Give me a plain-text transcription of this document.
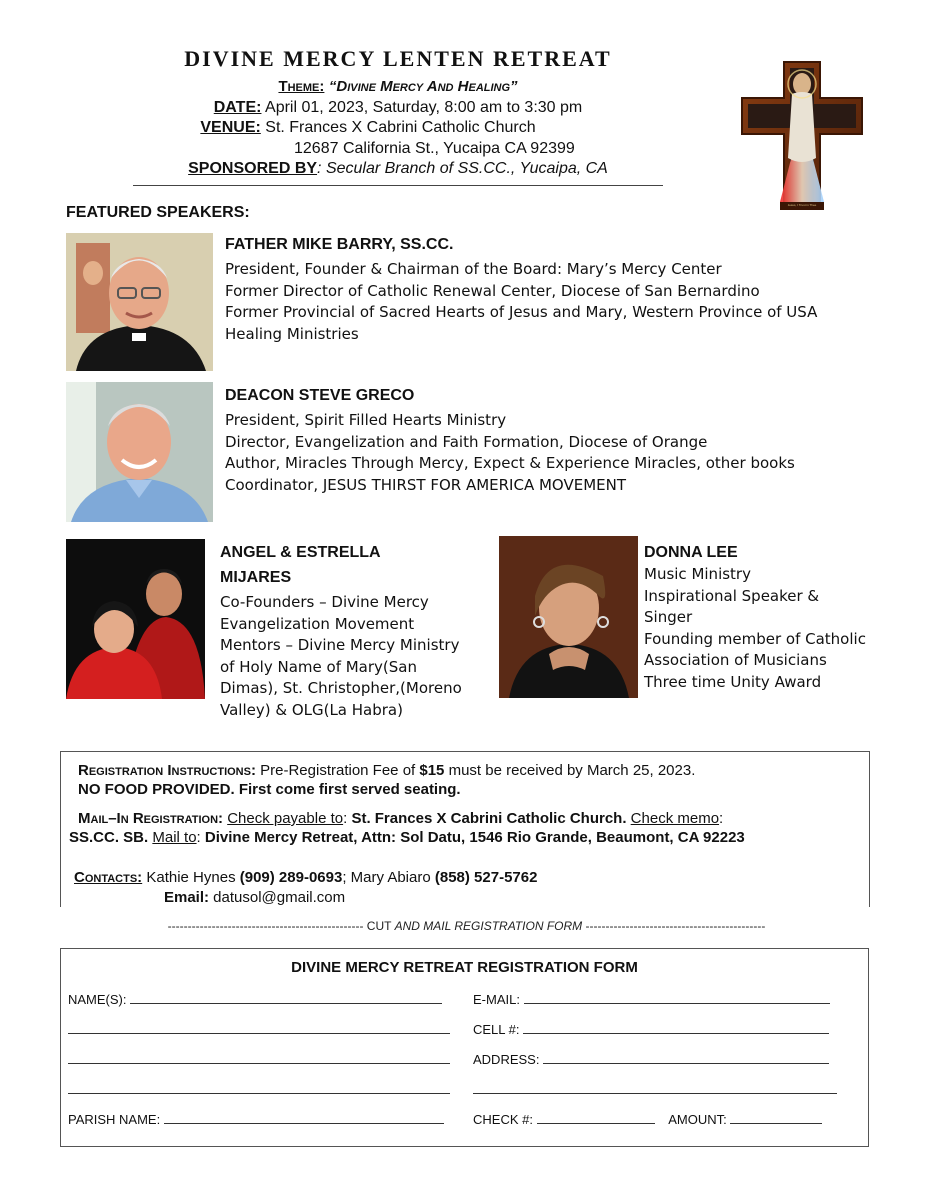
DIVINE MERCY LENTEN RETREAT
Theme: “Divine Mercy And Healing”
DATE: April 01, 2023, Saturday, 8:00 am to 3:30 pm
VENUE: St. Frances X Cabrini Catholic Church
12687 California St., Yucaipa CA 92399
SPONSORED BY: Secular Branch of SS.CC., Yucaipa, CA
Jesus, I Trust in Thee
FEATURED SPEAKERS:
FATHER MIKE BARRY, SS.CC.
President, Founder & Chairman of the Board: Mary’s Mercy Center
Former Director of Catholic Renewal Center, Diocese of San Bernardino
Former Provincial of Sacred Hearts of Jesus and Mary, Western Province of USA
Healing Ministries
DEACON STEVE GRECO
President, Spirit Filled Hearts Ministry
Director, Evangelization and Faith Formation, Diocese of Orange
Author, Miracles Through Mercy, Expect & Experience Miracles, other books
Coordinator, JESUS THIRST FOR AMERICA MOVEMENT
ANGEL & ESTRELLA
MIJARES
Co-Founders – Divine Mercy
Evangelization Movement
Mentors – Divine Mercy Ministry
of Holy Name of Mary(San
Dimas), St. Christopher,(Moreno
Valley) & OLG(La Habra)
DONNA LEE
Music Ministry
Inspirational Speaker &
Singer
Founding member of Catholic
Association of Musicians
Three time Unity Award

Registration Instructions: Pre-Registration Fee of $15 must be received by March 25, 2023.

NO FOOD PROVIDED. First come first served seating.

Mail–In Registration: Check payable to: St. Frances X Cabrini Catholic Church. Check memo:

SS.CC. SB. Mail to: Divine Mercy Retreat, Attn: Sol Datu, 1546 Rio Grande, Beaumont, CA 92223

Contacts: Kathie Hynes (909) 289-0693; Mary Abiaro (858) 527-5762

Email: datusol@gmail.com

------------------------------------------------- CUT AND MAIL REGISTRATION FORM ---------------------------------------------
DIVINE MERCY RETREAT REGISTRATION FORM
NAME(S):
PARISH NAME:
E-MAIL:
CELL #:
ADDRESS:
CHECK #:	AMOUNT:
